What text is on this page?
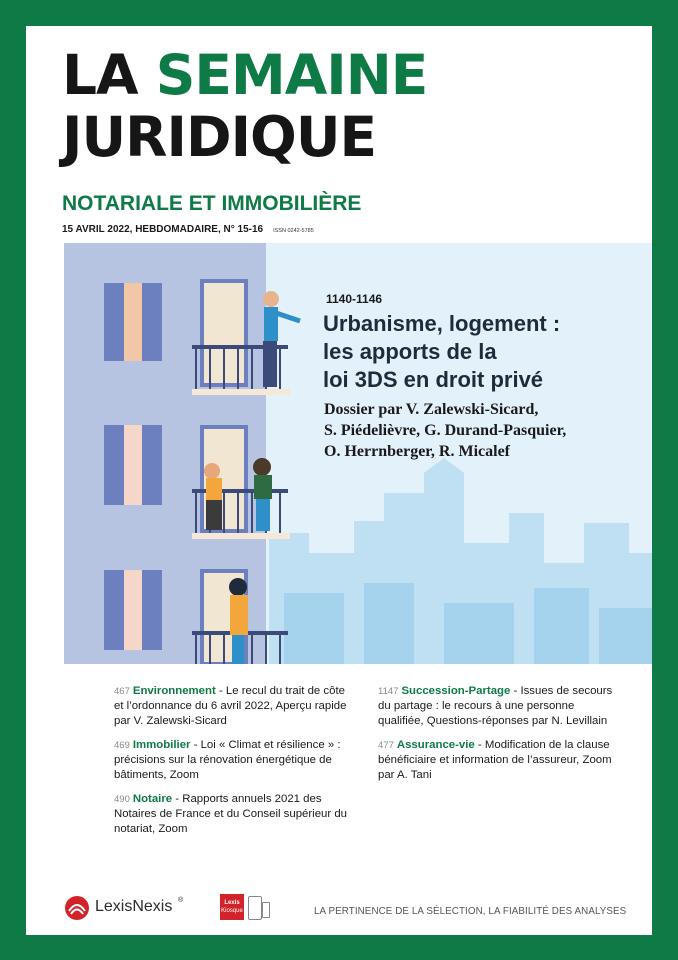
LA SEMAINE
JURIDIQUE
NOTARIALE ET IMMOBILIÈRE
15 AVRIL 2022, HEBDOMADAIRE, N° 15-16 ISSN 0242-5785
1140-1146
Urbanisme, logement :
les apports de la
loi 3DS en droit privé
Dossier par V. Zalewski-Sicard,
S. Piédelièvre, G. Durand-Pasquier,
O. Herrnberger, R. Micalef
467 Environnement - Le recul du trait de côte
et l’ordonnance du 6 avril 2022, Aperçu rapide
par V. Zalewski-Sicard
469 Immobilier - Loi « Climat et résilience » :
précisions sur la rénovation énergétique de
bâtiments, Zoom
490 Notaire - Rapports annuels 2021 des
Notaires de France et du Conseil supérieur du
notariat, Zoom
1147 Succession-Partage - Issues de secours
du partage : le recours à une personne
qualifiée, Questions-réponses par N. Levillain
477 Assurance-vie - Modification de la clause
bénéficiaire et information de l’assureur, Zoom
par A. Tani
LexisNexis ®	Lexis
Kiosque	LA PERTINENCE DE LA SÉLECTION, LA FIABILITÉ DES ANALYSES
